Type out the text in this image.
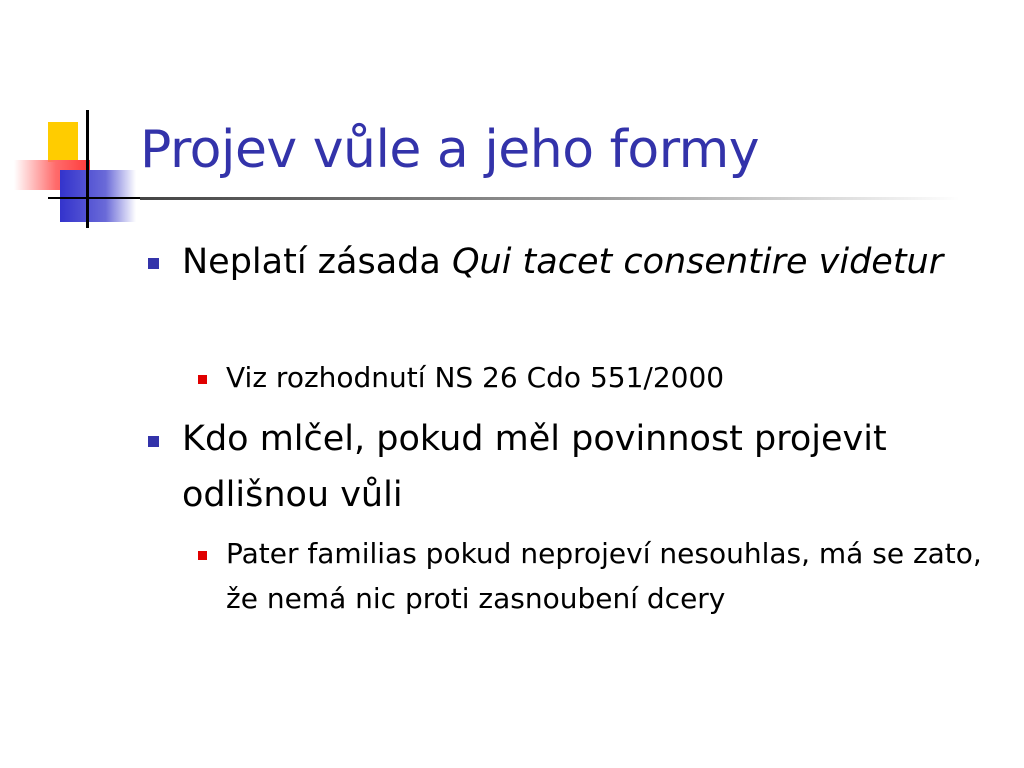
Projev vůle a jeho formy
Neplatí zásada Qui tacet consentire videtur
Viz rozhodnutí NS 26 Cdo 551/2000
Kdo mlčel, pokud měl povinnost projevit odlišnou vůli
Pater familias pokud neprojeví nesouhlas, má se zato, že nemá nic proti zasnoubení dcery
